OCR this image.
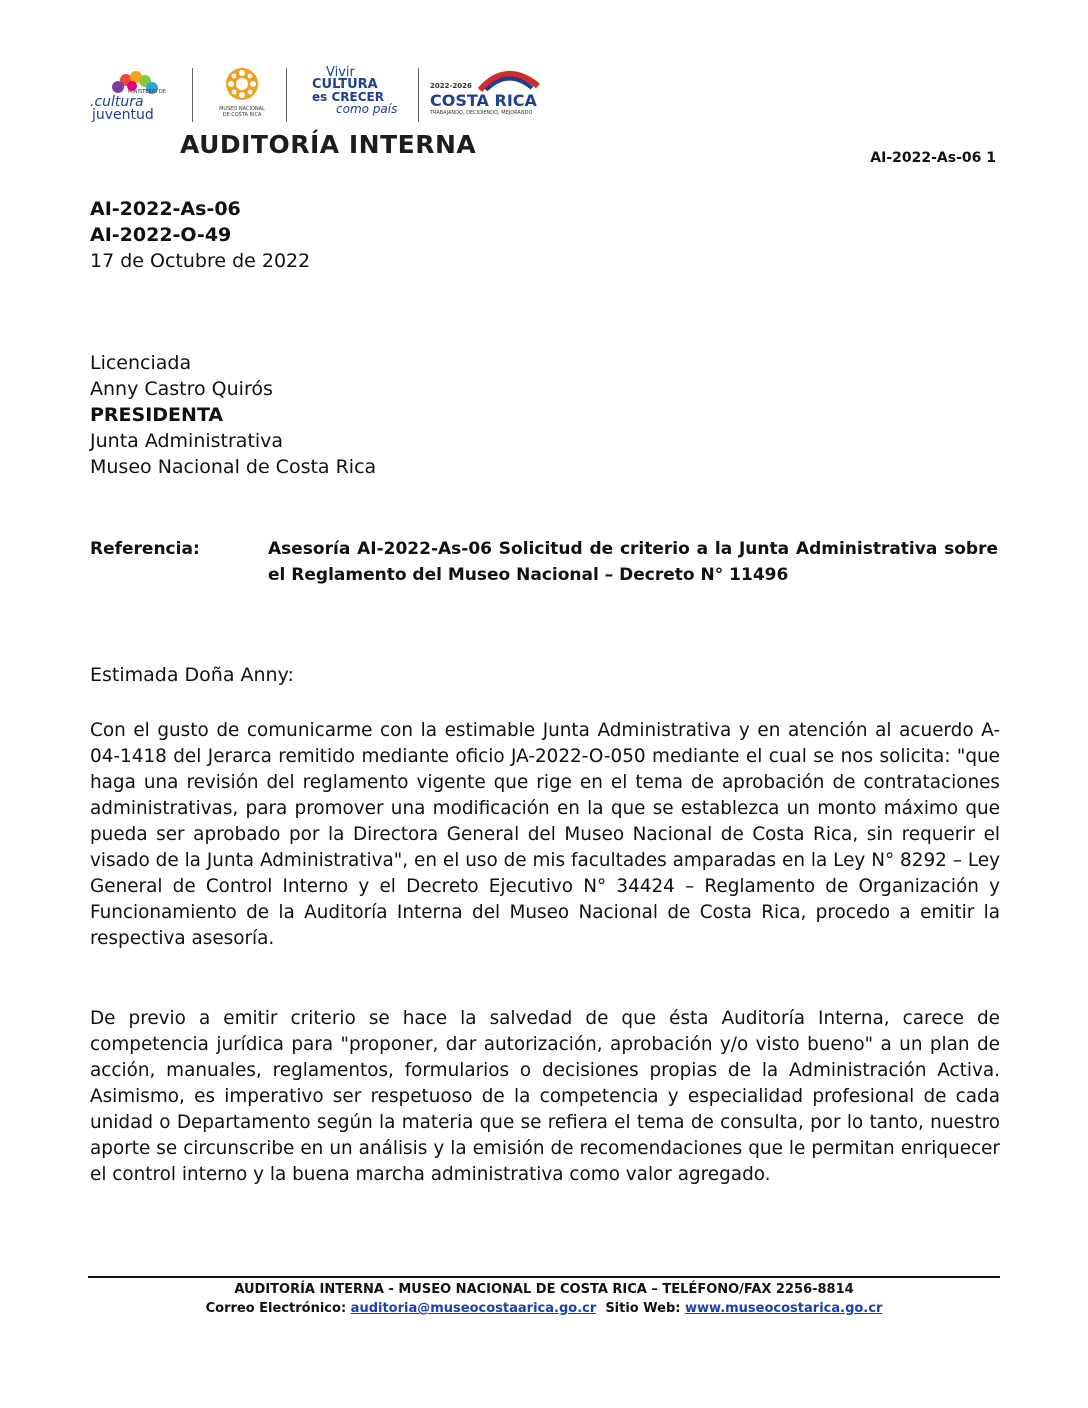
MINISTERIO DE
.cultura
juventud	MUSEO NACIONAL
DE COSTA RICA
Vivir
CULTURA
es CRECER
como país
2022-2026
COSTA RICA
TRABAJANDO, DECIDIENDO, MEJORANDO
AUDITORÍA INTERNA	AI-2022-As-06 1
AI-2022-As-06
AI-2022-O-49
17 de Octubre de 2022
Licenciada
Anny Castro Quirós
PRESIDENTA
Junta Administrativa
Museo Nacional de Costa Rica
Referencia:	Asesoría AI-2022-As-06 Solicitud de criterio a la Junta Administrativa sobre el Reglamento del Museo Nacional – Decreto N° 11496
Estimada Doña Anny:
Con el gusto de comunicarme con la estimable Junta Administrativa y en atención al acuerdo A-04-1418 del Jerarca remitido mediante oficio JA-2022-O-050 mediante el cual se nos solicita: "que haga una revisión del reglamento vigente que rige en el tema de aprobación de contrataciones administrativas, para promover una modificación en la que se establezca un monto máximo que pueda ser aprobado por la Directora General del Museo Nacional de Costa Rica, sin requerir el visado de la Junta Administrativa", en el uso de mis facultades amparadas en la Ley N° 8292 – Ley General de Control Interno y el Decreto Ejecutivo N° 34424 – Reglamento de Organización y Funcionamiento de la Auditoría Interna del Museo Nacional de Costa Rica, procedo a emitir la respectiva asesoría.
De previo a emitir criterio se hace la salvedad de que ésta Auditoría Interna, carece de competencia jurídica para "proponer, dar autorización, aprobación y/o visto bueno" a un plan de acción, manuales, reglamentos, formularios o decisiones propias de la Administración Activa. Asimismo, es imperativo ser respetuoso de la competencia y especialidad profesional de cada unidad o Departamento según la materia que se refiera el tema de consulta, por lo tanto, nuestro aporte se circunscribe en un análisis y la emisión de recomendaciones que le permitan enriquecer el control interno y la buena marcha administrativa como valor agregado.
AUDITORÍA INTERNA - MUSEO NACIONAL DE COSTA RICA – TELÉFONO/FAX 2256-8814
Correo Electrónico: auditoria@museocostaarica.go.cr Sitio Web: www.museocostarica.go.cr
